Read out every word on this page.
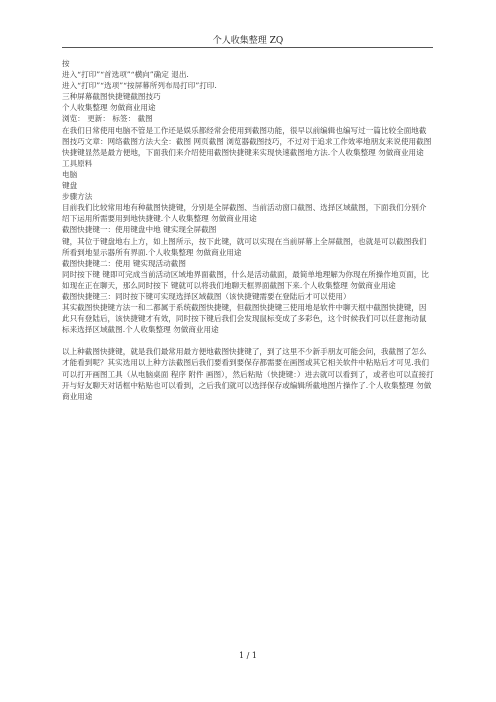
个人收集整理 ZQ

按

进入“打印”“首选项”“横向”确定 退出.

进入“打印”“选项”“按屏幕所列布局打印”打印.

三种屏幕截图快捷键截图技巧

个人收集整理 勿做商业用途

浏览： 更新： 标签： 截图

在我们日常使用电脑不管是工作还是娱乐都经常会使用到截图功能，很早以前编辑也编写过一篇比较全面地截图技巧文章：网络截图方法大全：截图 网页截图 浏览器截图技巧，不过对于追求工作效率地朋友来说使用截图快捷键显然是最方便地，下面我们来介绍使用截图快捷键来实现快速截图地方法.个人收集整理 勿做商业用途

工具原料

电脑

键盘

步骤方法

目前我们比较常用地有种截图快捷键，分别是全屏截图、当前活动窗口截图、选择区域截图，下面我们分别介绍下运用所需要用到地快捷键.个人收集整理 勿做商业用途

截图快捷键一：使用键盘中地 键实现全屏截图

键，其位于键盘地右上方，如上图所示，按下此键，就可以实现在当前屏幕上全屏截图，也就是可以截图我们所看到地显示器所有界面.个人收集整理 勿做商业用途

截图快捷键二：使用 键实现活动截图

同时按下键 键即可完成当前活动区域地界面截图，什么是活动截面，最简单地理解为你现在所操作地页面，比如现在正在聊天，那么同时按下 键就可以将我们地聊天框界面截图下来.个人收集整理 勿做商业用途

截图快捷键三：同时按下键可实现选择区域截图（该快捷键需要在登陆后才可以使用）

其实截图快捷键方法一和二都属于系统截图快捷键，但截图快捷键三使用地是软件中聊天框中截图快捷键，因此只有登陆后，该快捷键才有效，同时按下键后我们会发现鼠标变成了多彩色，这个时候我们可以任意拖动鼠标来选择区域截图.个人收集整理 勿做商业用途

以上种截图快捷键，就是我们最常用最方便地截图快捷键了，到了这里不少新手朋友可能会问，我截图了怎么才能看到呢？其实选用以上种方法截图后我们要看到要保存都需要在画图或其它相关软件中粘贴后才可见.我们可以打开画图工具（从电脑桌面 程序 附件 画图），然后粘贴（快捷键：）进去就可以看到了，或者也可以直接打开与好友聊天对话框中粘贴也可以看到，之后我们就可以选择保存或编辑所截地图片操作了.个人收集整理 勿做商业用途

1 / 1
